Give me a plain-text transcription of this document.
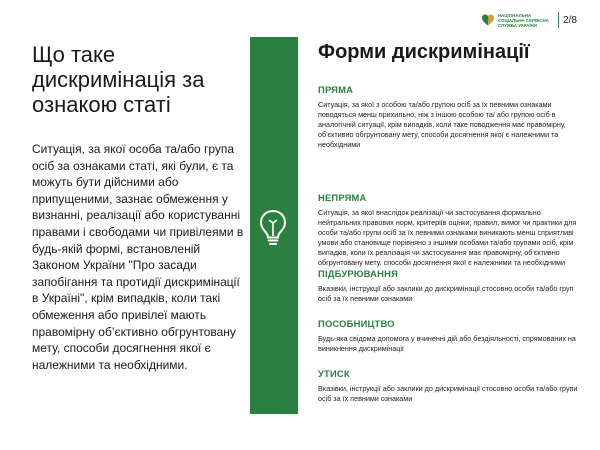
Що таке дискримінація за ознакою статі

Ситуація, за якої особа та/або група осіб за ознаками статі, які були, є та можуть бути дійсними або припущеними, зазнає обмеження у визнанні, реалізації або користуванні правами і свободами чи привілеями в будь-якій формі, встановленій Законом України "Про засади запобігання та протидії дискримінації в Україні", крім випадків, коли такі обмеження або привілеї мають правомірну об’єктивно обгрунтовану мету, способи досягнення якої є належними та необхідними.

НАЦІОНАЛЬНА СОЦІАЛЬНА СЕРВІСНА СЛУЖБА УКРАЇНИ	2/8
Форми дискримінації

ПРЯМА

Ситуація, за якої з особою та/або групою осіб за їх певними ознаками поводяться менш прихильно, ніж з іншою особою та/ або групою осіб в аналогічній ситуації, крім випадків, коли таке поводження має правомірну, об'єктивно обгрунтовану мету, способи досягнення якої є належними та необхідними

НЕПРЯМА

Ситуація, за якої внаслідок реалізації чи застосування формально нейтральних правових норм, критеріїв оцінки, правил, вимог чи практики для особи та/або групи осіб за їх певними ознаками виникають менш сприятливі умови або становище порівняно з іншими особами та/або групами осіб, крім випадків, коли їх реалізація чи застосування має правомірну, об'єктивно обгрунтовану мету, способи досягнення якої є належними та необхідними

ПІДБУРЮВАННЯ

Вказівки, інструкції або заклики до дискримінації стосовно особи та/або груп осіб за їх певними ознаками

ПОСОБНИЦТВО

Будь-яка свідома допомога у вчиненні дій або бездіяльності, спрямованих на виникнення дискримінації

УТИСК

Вказівки, інструкції або заклики до дискримінації стосовно особи та/або групи осіб за їх певними ознаками
